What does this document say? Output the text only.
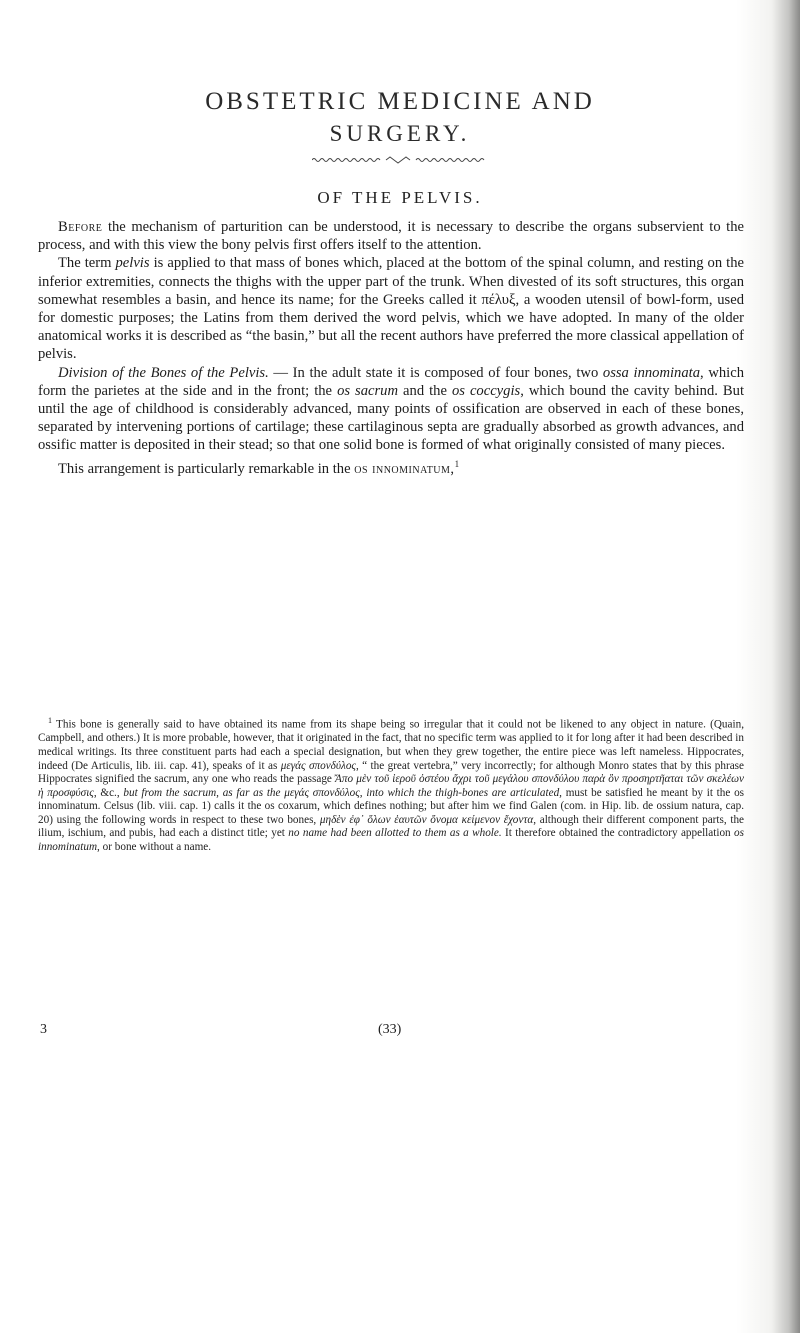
OBSTETRIC MEDICINE AND
SURGERY.
OF THE PELVIS.

Before the mechanism of parturition can be understood, it is necessary to describe the organs subservient to the process, and with this view the bony pelvis first offers itself to the attention.

The term pelvis is applied to that mass of bones which, placed at the bottom of the spinal column, and resting on the inferior extremities, connects the thighs with the upper part of the trunk. When divested of its soft structures, this organ somewhat resembles a basin, and hence its name; for the Greeks called it πέλυξ, a wooden utensil of bowl-form, used for domestic purposes; the Latins from them derived the word pelvis, which we have adopted. In many of the older anatomical works it is described as “the basin,” but all the recent authors have preferred the more classical appellation of pelvis.

Division of the Bones of the Pelvis. — In the adult state it is composed of four bones, two ossa innominata, which form the parietes at the side and in the front; the os sacrum and the os coccygis, which bound the cavity behind. But until the age of childhood is considerably advanced, many points of ossification are observed in each of these bones, separated by intervening portions of cartilage; these cartilaginous septa are gradually absorbed as growth advances, and ossific matter is deposited in their stead; so that one solid bone is formed of what originally consisted of many pieces.

This arrangement is particularly remarkable in the os innominatum,$^1$

$^1$ This bone is generally said to have obtained its name from its shape being so irregular that it could not be likened to any object in nature. (Quain, Campbell, and others.) It is more probable, however, that it originated in the fact, that no specific term was applied to it for long after it had been described in medical writings. Its three constituent parts had each a special designation, but when they grew together, the entire piece was left nameless. Hippocrates, indeed (De Articulis, lib. iii. cap. 41), speaks of it as μεγάς σπονδύλος, “ the great vertebra,” very incorrectly; for although Monro states that by this phrase Hippocrates signified the sacrum, any one who reads the passage Ἄπο μὲν τοῦ ἱεροῦ ὀστέου ἄχρι τοῦ μεγάλου σπονδύλου παρὰ ὃν προσηρτῆαται τῶν σκελέων ἡ προσφύσις, &c., but from the sacrum, as far as the μεγάς σπονδύλος, into which the thigh-bones are articulated, must be satisfied he meant by it the os innominatum. Celsus (lib. viii. cap. 1) calls it the os coxarum, which defines nothing; but after him we find Galen (com. in Hip. lib. de ossium natura, cap. 20) using the following words in respect to these two bones, μηδὲν ἐφ᾽ ὅλων ἑαυτῶν ὄνομα κείμενον ἔχοντα, although their different component parts, the ilium, ischium, and pubis, had each a distinct title; yet no name had been allotted to them as a whole. It therefore obtained the contradictory appellation os innominatum, or bone without a name.

3	(33)
